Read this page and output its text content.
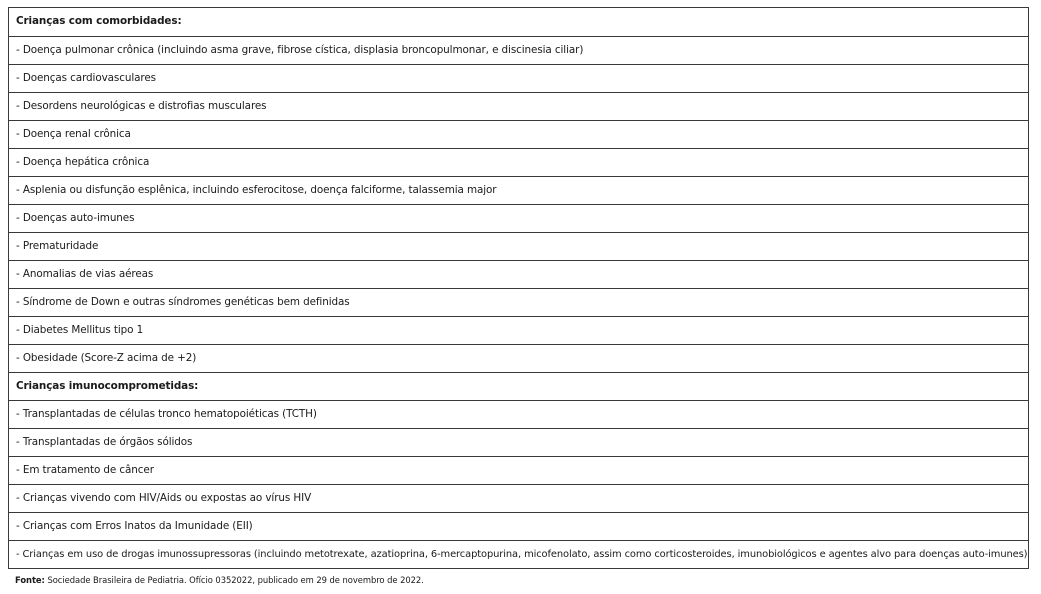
Crianças com comorbidades:
- Doença pulmonar crônica (incluindo asma grave, fibrose cística, displasia broncopulmonar, e discinesia ciliar)
- Doenças cardiovasculares
- Desordens neurológicas e distrofias musculares
- Doença renal crônica
- Doença hepática crônica
- Asplenia ou disfunção esplênica, incluindo esferocitose, doença falciforme, talassemia major
- Doenças auto-imunes
- Prematuridade
- Anomalias de vias aéreas
- Síndrome de Down e outras síndromes genéticas bem definidas
- Diabetes Mellitus tipo 1
- Obesidade (Score-Z acima de +2)
Crianças imunocomprometidas:
- Transplantadas de células tronco hematopoiéticas (TCTH)
- Transplantadas de órgãos sólidos
- Em tratamento de câncer
- Crianças vivendo com HIV/Aids ou expostas ao vírus HIV
- Crianças com Erros Inatos da Imunidade (EII)
- Crianças em uso de drogas imunossupressoras (incluindo metotrexate, azatioprina, 6-mercaptopurina, micofenolato, assim como corticosteroides, imunobiológicos e agentes alvo para doenças auto-imunes)
Fonte: Sociedade Brasileira de Pediatria. Ofício 0352022, publicado em 29 de novembro de 2022.
